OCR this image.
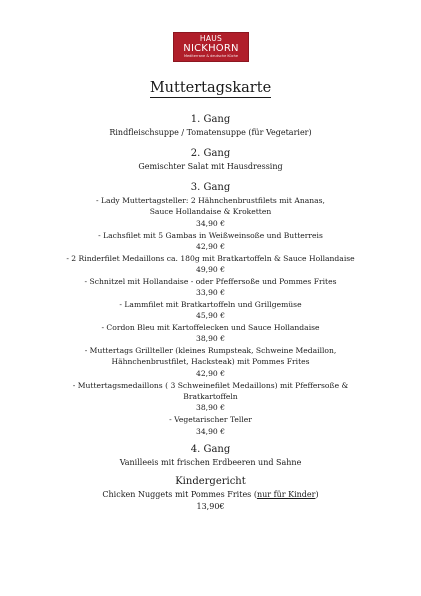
HAUS
NICKHORN
Mediterrane & deutsche Küche
Muttertagskarte
1. Gang
Rindfleischsuppe / Tomatensuppe (für Vegetarier)
2. Gang
Gemischter Salat mit Hausdressing
3. Gang
- Lady Muttertagsteller: 2 Hähnchenbrustfilets mit Ananas,
Sauce Hollandaise & Kroketten
34,90 €
- Lachsfilet mit 5 Gambas in Weißweinsoße und Butterreis
42,90 €
- 2 Rinderfilet Medaillons ca. 180g mit Bratkartoffeln & Sauce Hollandaise
49,90 €
- Schnitzel mit Hollandaise - oder Pfeffersoße und Pommes Frites
33,90 €
- Lammfilet mit Bratkartoffeln und Grillgemüse
45,90 €
- Cordon Bleu mit Kartoffelecken und Sauce Hollandaise
38,90 €
- Muttertags Grillteller (kleines Rumpsteak, Schweine Medaillon,
Hähnchenbrustfilet, Hacksteak) mit Pommes Frites
42,90 €
- Muttertagsmedaillons ( 3 Schweinefilet Medaillons) mit Pfeffersoße &
Bratkartoffeln
38,90 €
- Vegetarischer Teller
34,90 €
4. Gang
Vanilleeis mit frischen Erdbeeren und Sahne
Kindergericht
Chicken Nuggets mit Pommes Frites (nur für Kinder)
13,90€
